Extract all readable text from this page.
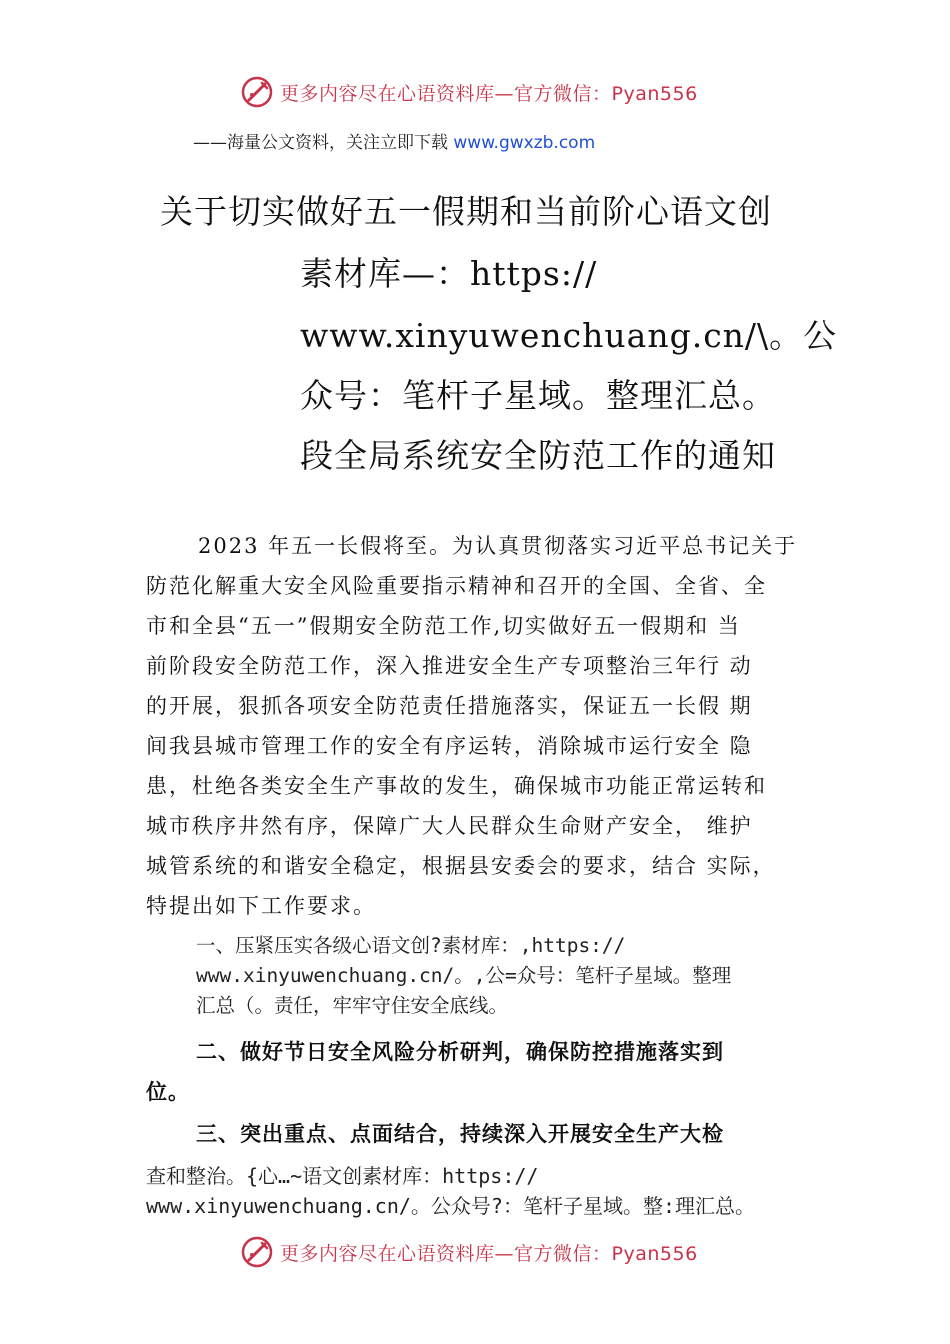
更多内容尽在心语资料库—官方微信：Pyan556
——海量公文资料，关注立即下载 www.gwxzb.com
关于切实做好五一假期和当前阶心语文创
素材库—：https://
www.xinyuwenchuang.cn/\。公
众号：笔杆子星域。整理汇总。
段全局系统安全防范工作的通知
2023 年五一长假将至。为认真贯彻落实习近平总书记关于
防范化解重大安全风险重要指示精神和召开的全国、全省、全
市和全县“五一”假期安全防范工作,切实做好五一假期和 当
前阶段安全防范工作，深入推进安全生产专项整治三年行 动
的开展，狠抓各项安全防范责任措施落实，保证五一长假 期
间我县城市管理工作的安全有序运转，消除城市运行安全 隐
患，杜绝各类安全生产事故的发生，确保城市功能正常运转和
城市秩序井然有序，保障广大人民群众生命财产安全， 维护
城管系统的和谐安全稳定，根据县安委会的要求，结合 实际，
特提出如下工作要求。
一、压紧压实各级心语文创?素材库：,https://
www.xinyuwenchuang.cn/。,公=众号：笔杆子星域。整理
汇总（。责任，牢牢守住安全底线。
二、做好节日安全风险分析研判，确保防控措施落实到
位。
三、突出重点、点面结合，持续深入开展安全生产大检
查和整治。{心…~语文创素材库：https://
www.xinyuwenchuang.cn/。公众号?：笔杆子星域。整:理汇总。
更多内容尽在心语资料库—官方微信：Pyan556
